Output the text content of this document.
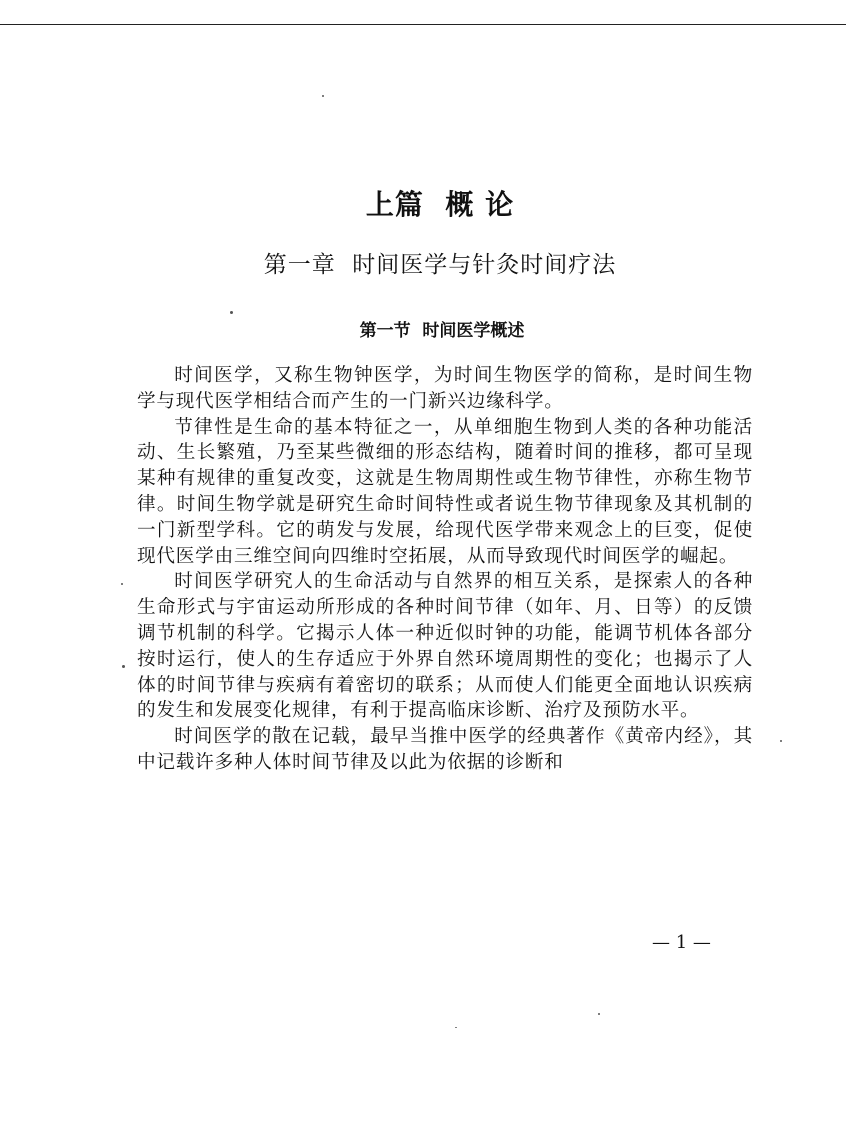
上篇  概 论
第一章  时间医学与针灸时间疗法
第一节  时间医学概述

时间医学，又称生物钟医学，为时间生物医学的简称，是时间生物学与现代医学相结合而产生的一门新兴边缘科学。

节律性是生命的基本特征之一，从单细胞生物到人类的各种功能活动、生长繁殖，乃至某些微细的形态结构，随着时间的推移，都可呈现某种有规律的重复改变，这就是生物周期性或生物节律性，亦称生物节律。时间生物学就是研究生命时间特性或者说生物节律现象及其机制的一门新型学科。它的萌发与发展，给现代医学带来观念上的巨变，促使现代医学由三维空间向四维时空拓展，从而导致现代时间医学的崛起。

时间医学研究人的生命活动与自然界的相互关系，是探索人的各种生命形式与宇宙运动所形成的各种时间节律（如年、月、日等）的反馈调节机制的科学。它揭示人体一种近似时钟的功能，能调节机体各部分按时运行，使人的生存适应于外界自然环境周期性的变化；也揭示了人体的时间节律与疾病有着密切的联系；从而使人们能更全面地认识疾病的发生和发展变化规律，有利于提高临床诊断、治疗及预防水平。

时间医学的散在记载，最早当推中医学的经典著作《黄帝内经》，其中记载许多种人体时间节律及以此为依据的诊断和

— 1 —
